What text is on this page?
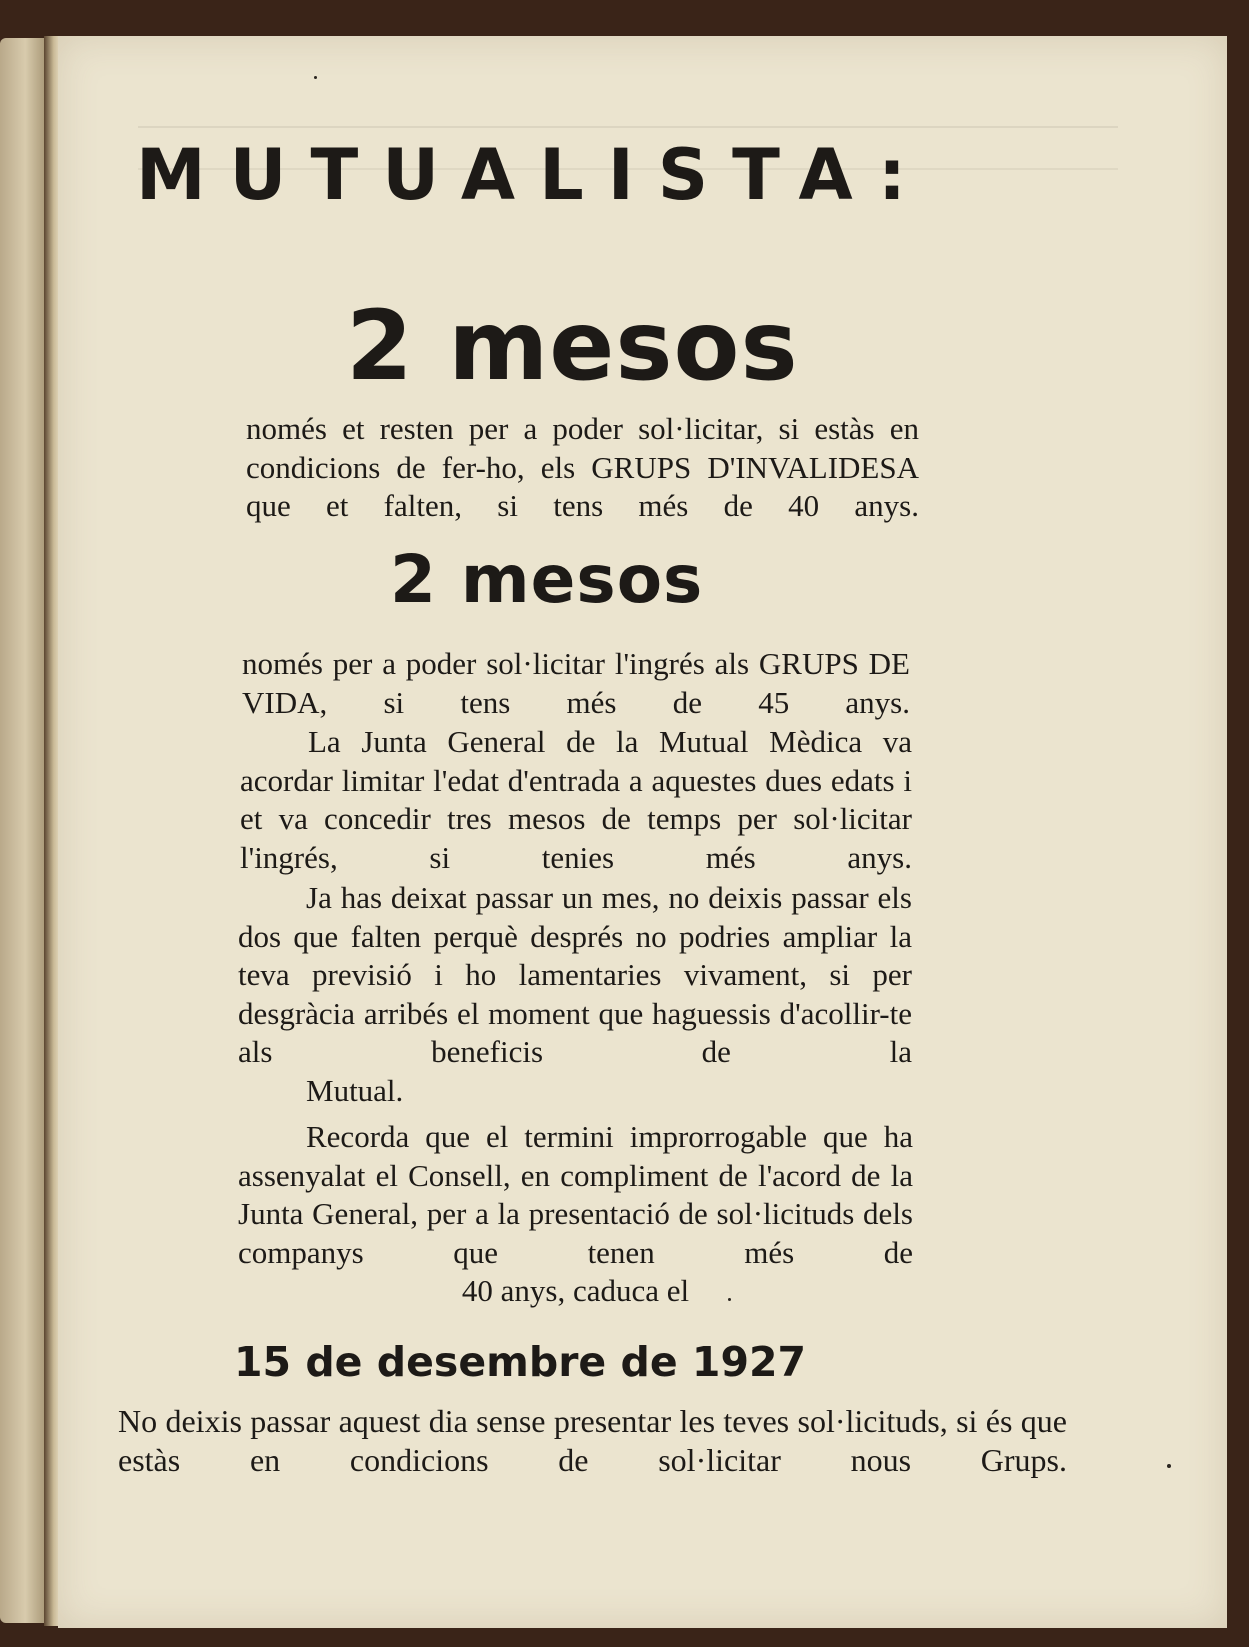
MUTUALISTA:
2 mesos

només et resten per a poder sol·licitar, si estàs en condicions de fer-ho, els GRUPS D'INVALIDESA que et falten, si tens més de 40 anys.

2 mesos

només per a poder sol·licitar l'ingrés als GRUPS DE VIDA, si tens més de 45 anys.

La Junta General de la Mutual Mèdica va acordar limitar l'edat d'entrada a aquestes dues edats i et va concedir tres mesos de temps per sol·licitar l'ingrés, si tenies més anys.

Ja has deixat passar un mes, no deixis passar els dos que falten perquè després no podries ampliar la teva previsió i ho lamentaries vivament, si per desgràcia arribés el moment que haguessis d'acollir-te als beneficis de la
Mutual.

Recorda que el termini improrrogable que ha assenyalat el Consell, en compliment de l'acord de la Junta General, per a la presentació de sol·licituds dels companys que tenen més de

40 anys, caduca el

15 de desembre de 1927

No deixis passar aquest dia sense presentar les teves sol·licituds, si és que estàs en condicions de sol·licitar nous Grups.
